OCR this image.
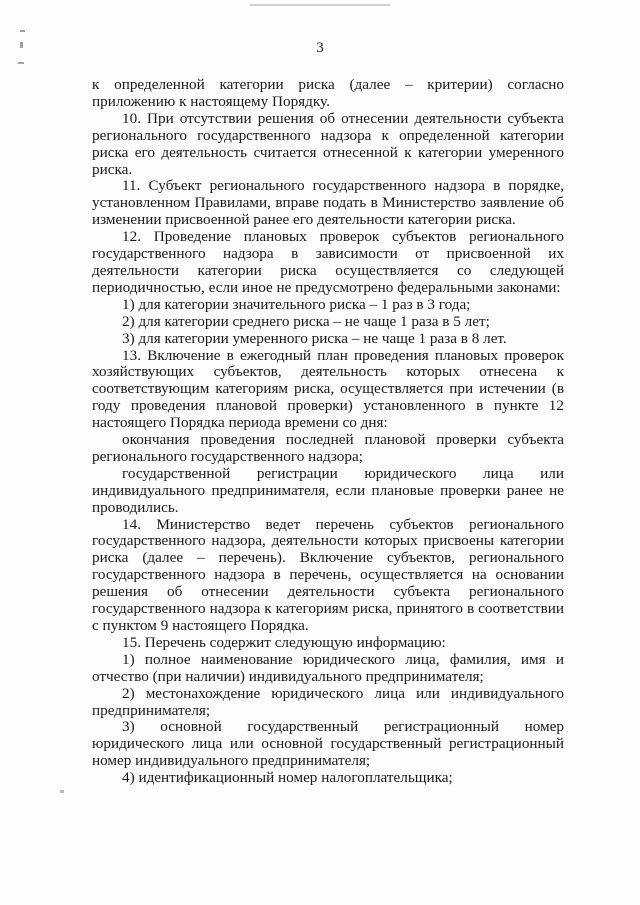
3

к определенной категории риска (далее – критерии) согласно приложению к настоящему Порядку.

10. При отсутствии решения об отнесении деятельности субъекта регионального государственного надзора к определенной категории риска его деятельность считается отнесенной к категории умеренного риска.

11. Субъект регионального государственного надзора в порядке, установленном Правилами, вправе подать в Министерство заявление об изменении присвоенной ранее его деятельности категории риска.

12. Проведение плановых проверок субъектов регионального государственного надзора в зависимости от присвоенной их деятельности категории риска осуществляется со следующей периодичностью, если иное не предусмотрено федеральными законами:

1) для категории значительного риска – 1 раз в 3 года;

2) для категории среднего риска – не чаще 1 раза в 5 лет;

3) для категории умеренного риска – не чаще 1 раза в 8 лет.

13. Включение в ежегодный план проведения плановых проверок хозяйствующих субъектов, деятельность которых отнесена к соответствующим категориям риска, осуществляется при истечении (в году проведения плановой проверки) установленного в пункте 12 настоящего Порядка периода времени со дня:

окончания проведения последней плановой проверки субъекта регионального государственного надзора;

государственной регистрации юридического лица или индивидуального предпринимателя, если плановые проверки ранее не проводились.

14. Министерство ведет перечень субъектов регионального государственного надзора, деятельности которых присвоены категории риска (далее – перечень). Включение субъектов, регионального государственного надзора в перечень, осуществляется на основании решения об отнесении деятельности субъекта регионального государственного надзора к категориям риска, принятого в соответствии с пунктом 9 настоящего Порядка.

15. Перечень содержит следующую информацию:

1) полное наименование юридического лица, фамилия, имя и отчество (при наличии) индивидуального предпринимателя;

2) местонахождение юридического лица или индивидуального предпринимателя;

3) основной государственный регистрационный номер юридического лица или основной государственный регистрационный номер индивидуального предпринимателя;

4) идентификационный номер налогоплательщика;
